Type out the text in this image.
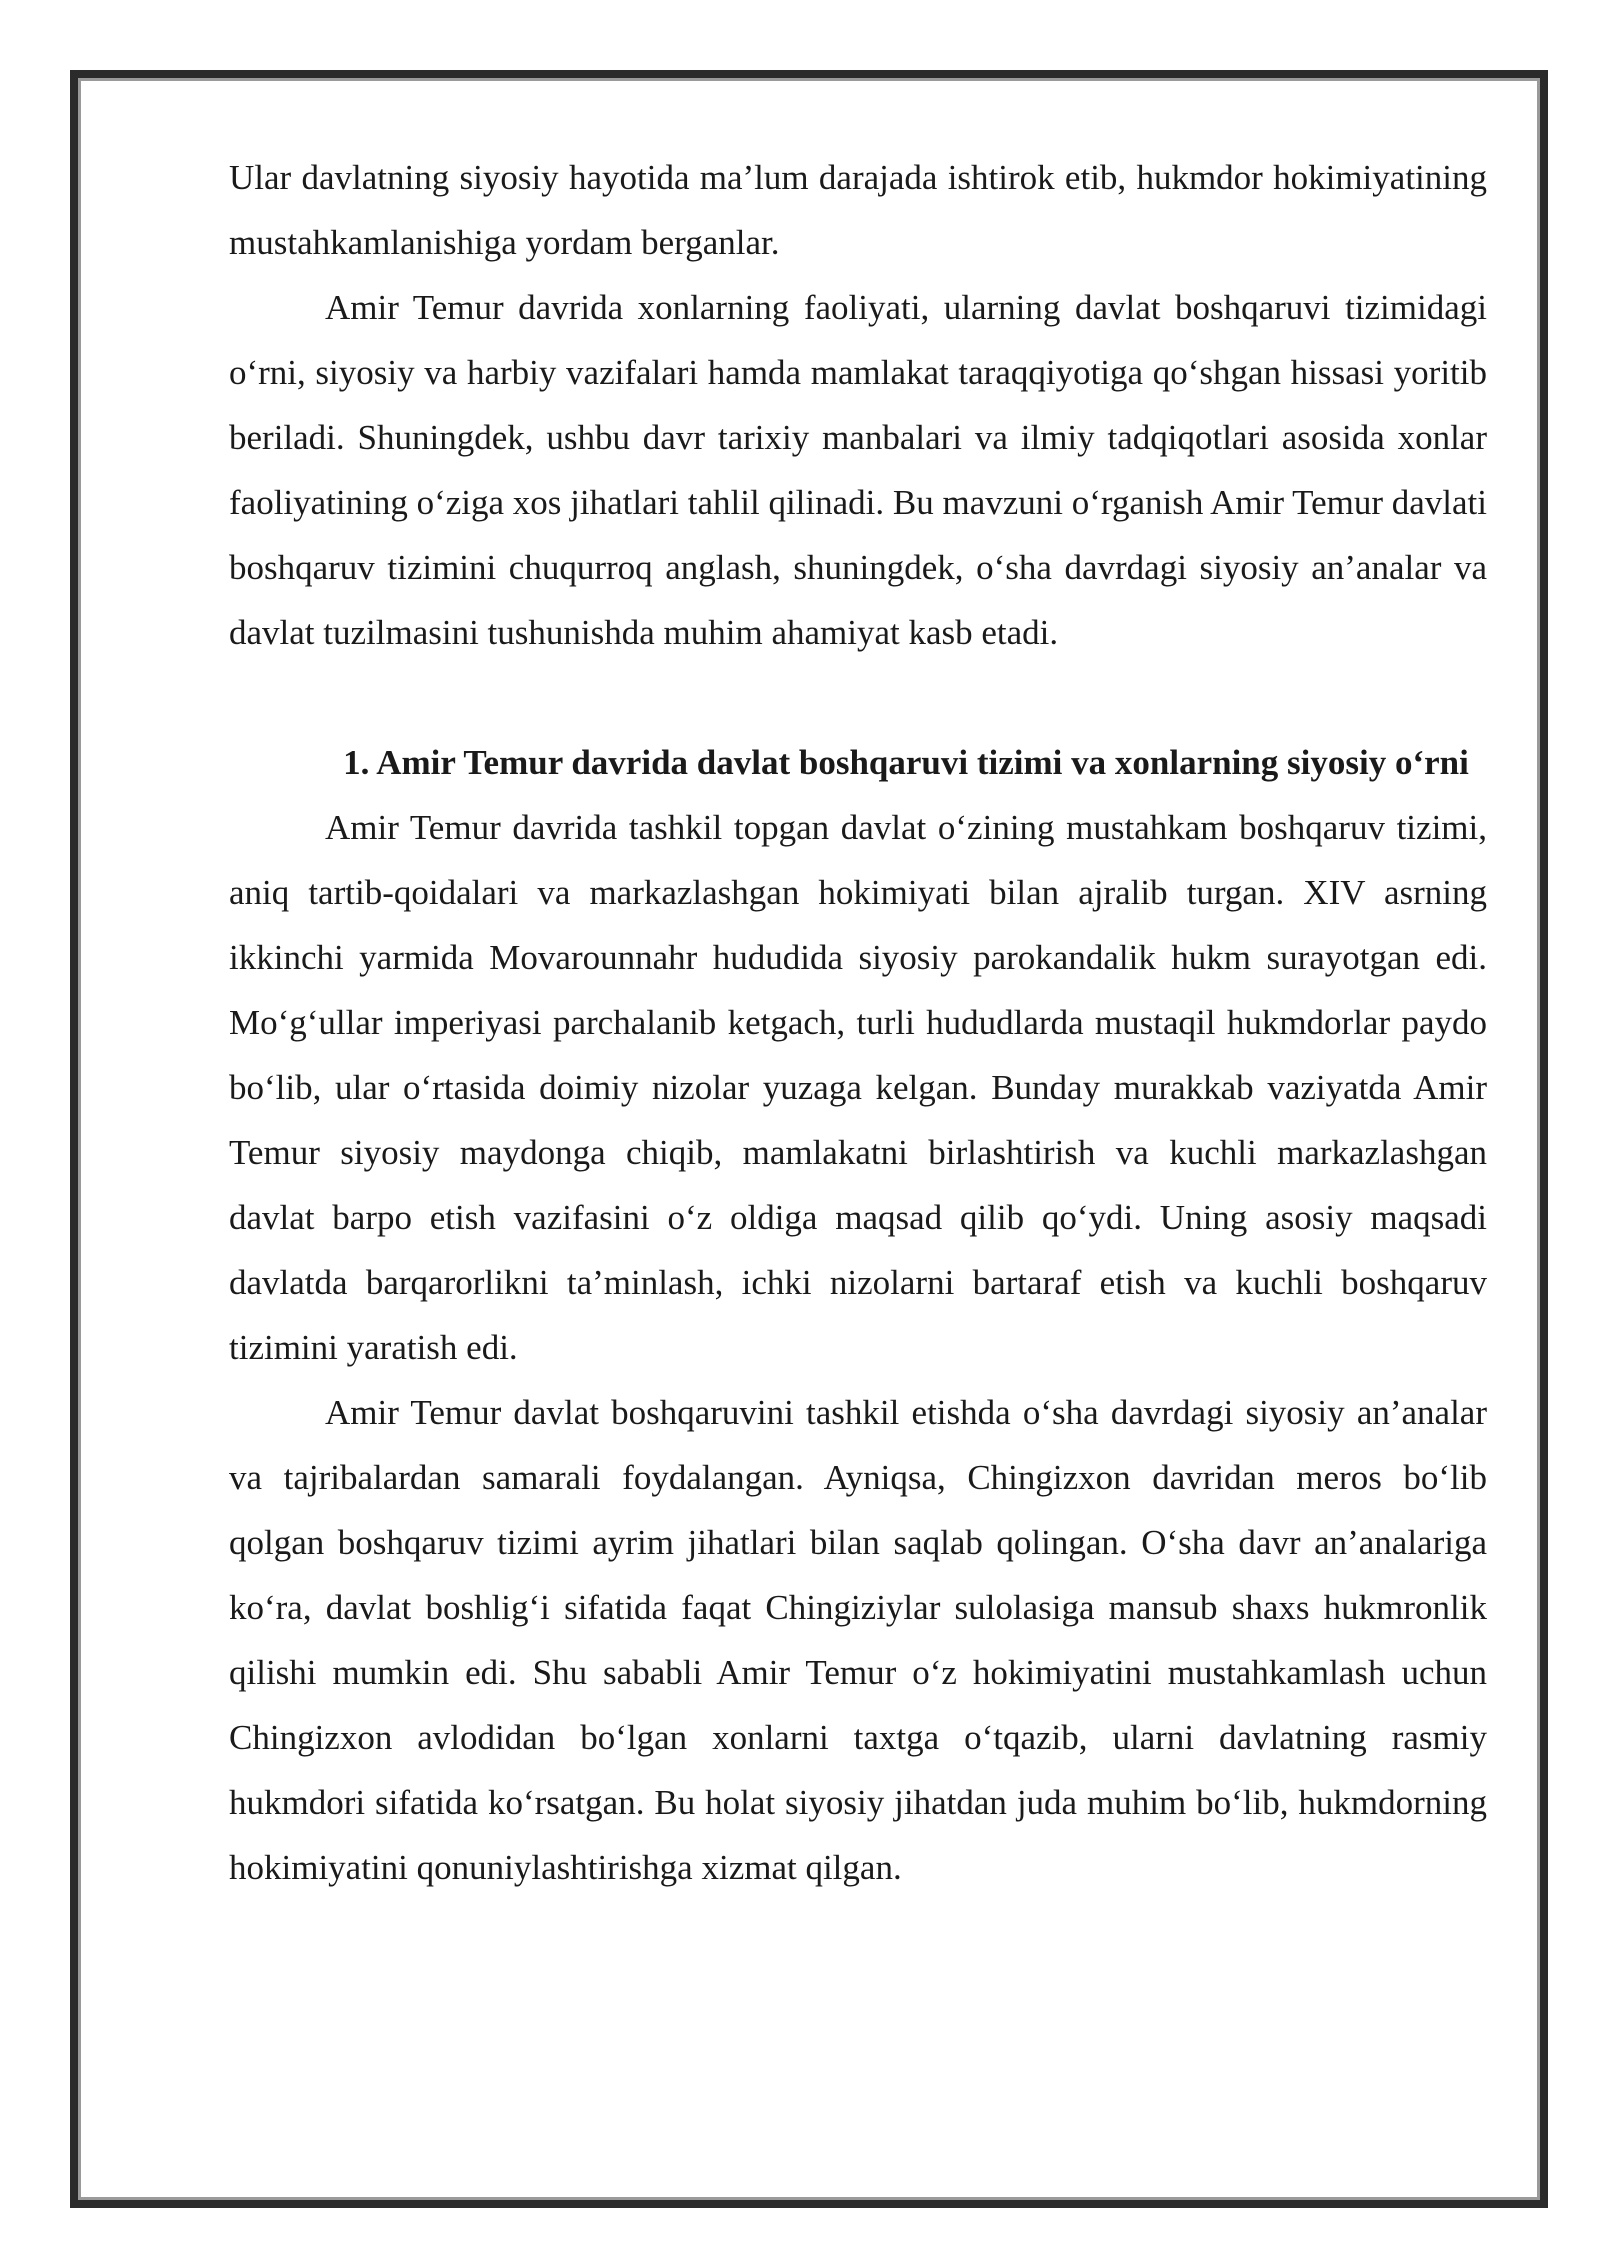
Ular davlatning siyosiy hayotida ma’lum darajada ishtirok etib, hukmdor hokimiyatining mustahkamlanishiga yordam berganlar.

Amir Temur davrida xonlarning faoliyati, ularning davlat boshqaruvi tizimidagi o‘rni, siyosiy va harbiy vazifalari hamda mamlakat taraqqiyotiga qo‘shgan hissasi yoritib beriladi. Shuningdek, ushbu davr tarixiy manbalari va ilmiy tadqiqotlari asosida xonlar faoliyatining o‘ziga xos jihatlari tahlil qilinadi. Bu mavzuni o‘rganish Amir Temur davlati boshqaruv tizimini chuqurroq anglash, shuningdek, o‘sha davrdagi siyosiy an’analar va davlat tuzilmasini tushunishda muhim ahamiyat kasb etadi.

1. Amir Temur davrida davlat boshqaruvi tizimi va xonlarning siyosiy o‘rni

Amir Temur davrida tashkil topgan davlat o‘zining mustahkam boshqaruv tizimi, aniq tartib-qoidalari va markazlashgan hokimiyati bilan ajralib turgan. XIV asrning ikkinchi yarmida Movarounnahr hududida siyosiy parokandalik hukm surayotgan edi. Mo‘g‘ullar imperiyasi parchalanib ketgach, turli hududlarda mustaqil hukmdorlar paydo bo‘lib, ular o‘rtasida doimiy nizolar yuzaga kelgan. Bunday murakkab vaziyatda Amir Temur siyosiy maydonga chiqib, mamlakatni birlashtirish va kuchli markazlashgan davlat barpo etish vazifasini o‘z oldiga maqsad qilib qo‘ydi. Uning asosiy maqsadi davlatda barqarorlikni ta’minlash, ichki nizolarni bartaraf etish va kuchli boshqaruv tizimini yaratish edi.

Amir Temur davlat boshqaruvini tashkil etishda o‘sha davrdagi siyosiy an’analar va tajribalardan samarali foydalangan. Ayniqsa, Chingizxon davridan meros bo‘lib qolgan boshqaruv tizimi ayrim jihatlari bilan saqlab qolingan. O‘sha davr an’analariga ko‘ra, davlat boshlig‘i sifatida faqat Chingiziylar sulolasiga mansub shaxs hukmronlik qilishi mumkin edi. Shu sababli Amir Temur o‘z hokimiyatini mustahkamlash uchun Chingizxon avlodidan bo‘lgan xonlarni taxtga o‘tqazib, ularni davlatning rasmiy hukmdori sifatida ko‘rsatgan. Bu holat siyosiy jihatdan juda muhim bo‘lib, hukmdorning hokimiyatini qonuniylashtirishga xizmat qilgan.
